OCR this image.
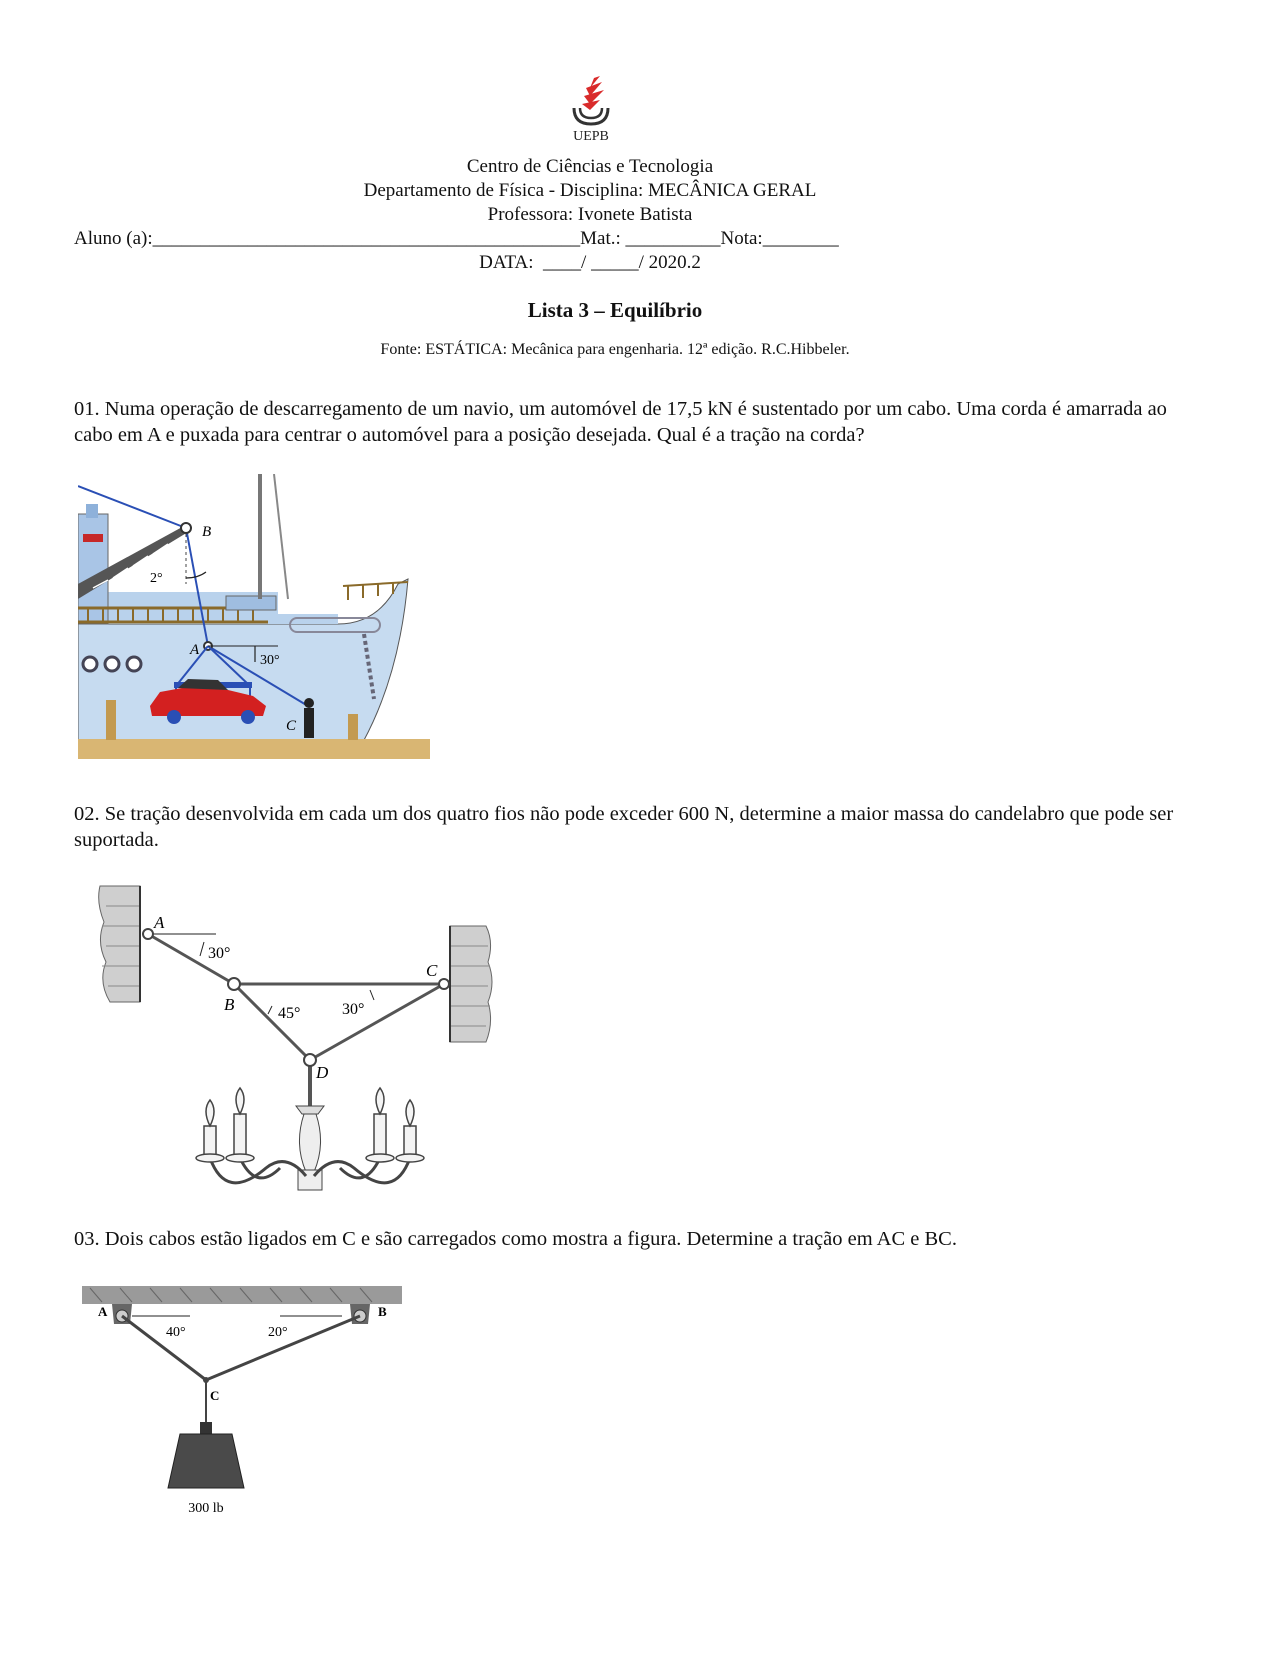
UEPB
Centro de Ciências e Tecnologia
Departamento de Física - Disciplina: MECÂNICA GERAL
Professora: Ivonete Batista
Aluno (a):_____________________________________________Mat.: __________Nota:________
DATA:  ____/ _____/ 2020.2
Lista 3 – Equilíbrio
Fonte: ESTÁTICA: Mecânica para engenharia. 12ª edição. R.C.Hibbeler.
01. Numa operação de descarregamento de um navio, um automóvel de 17,5 kN é sustentado por um cabo. Uma corda é amarrada ao cabo em A e puxada para centrar o automóvel para a posição desejada. Qual é a tração na corda?
B
A
C
2°
30°
02. Se tração desenvolvida em cada um dos quatro fios não pode exceder 600 N, determine a maior massa do candelabro que pode ser suportada.
A
B
C
D
30°
45°	30°
03. Dois cabos estão ligados em C e são carregados como mostra a figura. Determine a tração em AC e BC.
A	B
C
40°	20°
300 lb
